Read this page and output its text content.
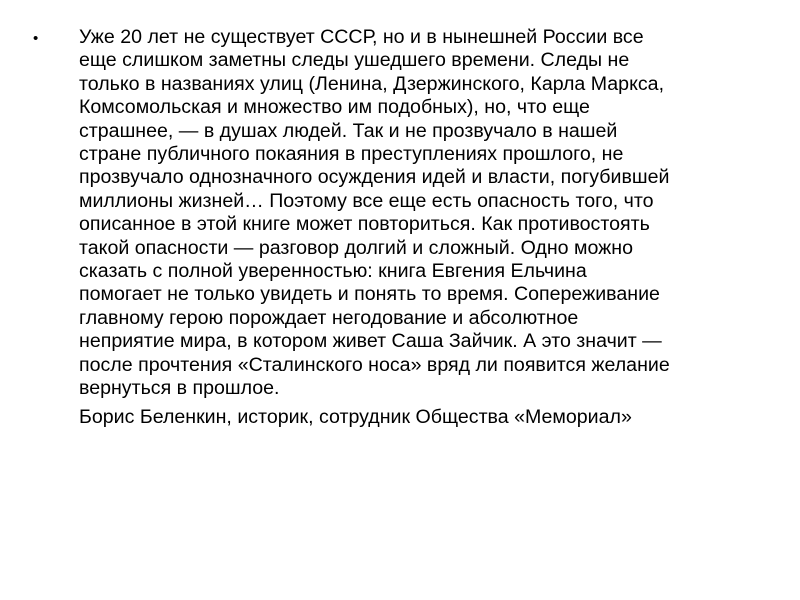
•	Уже 20 лет не существует СССР, но и в нынешней России все
еще слишком заметны следы ушедшего времени. Следы не
только в названиях улиц (Ленина, Дзержинского, Карла Маркса,
Комсомольская и множество им подобных), но, что еще
страшнее, — в душах людей. Так и не прозвучало в нашей
стране публичного покаяния в преступлениях прошлого, не
прозвучало однозначного осуждения идей и власти, погубившей
миллионы жизней… Поэтому все еще есть опасность того, что
описанное в этой книге может повториться. Как противостоять
такой опасности — разговор долгий и сложный. Одно можно
сказать с полной уверенностью: книга Евгения Ельчина
помогает не только увидеть и понять то время. Сопереживание
главному герою порождает негодование и абсолютное
неприятие мира, в котором живет Саша Зайчик. А это значит —
после прочтения «Сталинского носа» вряд ли появится желание
вернуться в прошлое.
Борис Беленкин, историк, сотрудник Общества «Мемориал»
